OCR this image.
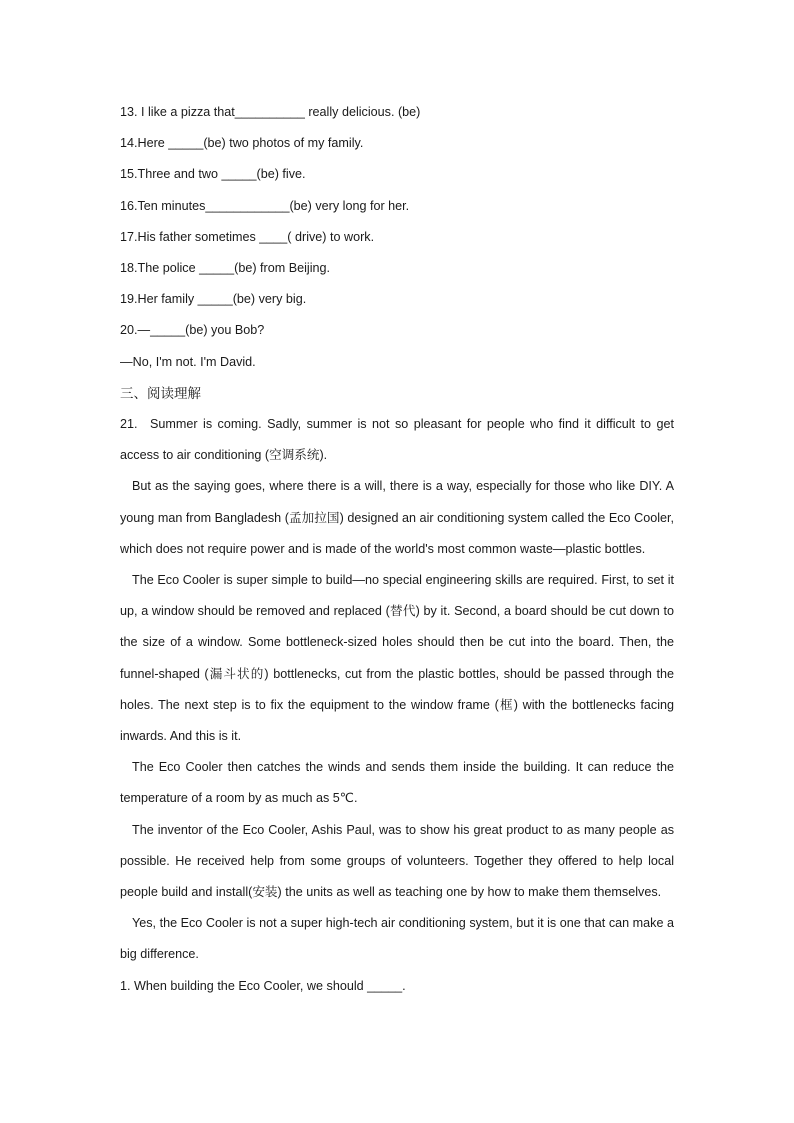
13. I like a pizza that__________ really delicious. (be)
14.Here _____(be) two photos of my family.
15.Three and two _____(be) five.
16.Ten minutes____________(be) very long for her.
17.His father sometimes ____( drive) to work.
18.The police _____(be) from Beijing.
19.Her family _____(be) very big.
20.—_____(be) you Bob?
—No, I'm not. I'm David.
三、阅读理解
21. Summer is coming. Sadly, summer is not so pleasant for people who find it difficult to get access to air conditioning (空调系统).
But as the saying goes, where there is a will, there is a way, especially for those who like DIY. A young man from Bangladesh (孟加拉国) designed an air conditioning system called the Eco Cooler, which does not require power and is made of the world's most common waste—plastic bottles.
The Eco Cooler is super simple to build—no special engineering skills are required. First, to set it up, a window should be removed and replaced (替代) by it. Second, a board should be cut down to the size of a window. Some bottleneck-sized holes should then be cut into the board. Then, the funnel-shaped (漏斗状的) bottlenecks, cut from the plastic bottles, should be passed through the holes. The next step is to fix the equipment to the window frame (框) with the bottlenecks facing inwards. And this is it.
The Eco Cooler then catches the winds and sends them inside the building. It can reduce the temperature of a room by as much as 5℃.
The inventor of the Eco Cooler, Ashis Paul, was to show his great product to as many people as possible. He received help from some groups of volunteers. Together they offered to help local people build and install(安装) the units as well as teaching one by how to make them themselves.
Yes, the Eco Cooler is not a super high-tech air conditioning system, but it is one that can make a big difference.
1. When building the Eco Cooler, we should _____.
